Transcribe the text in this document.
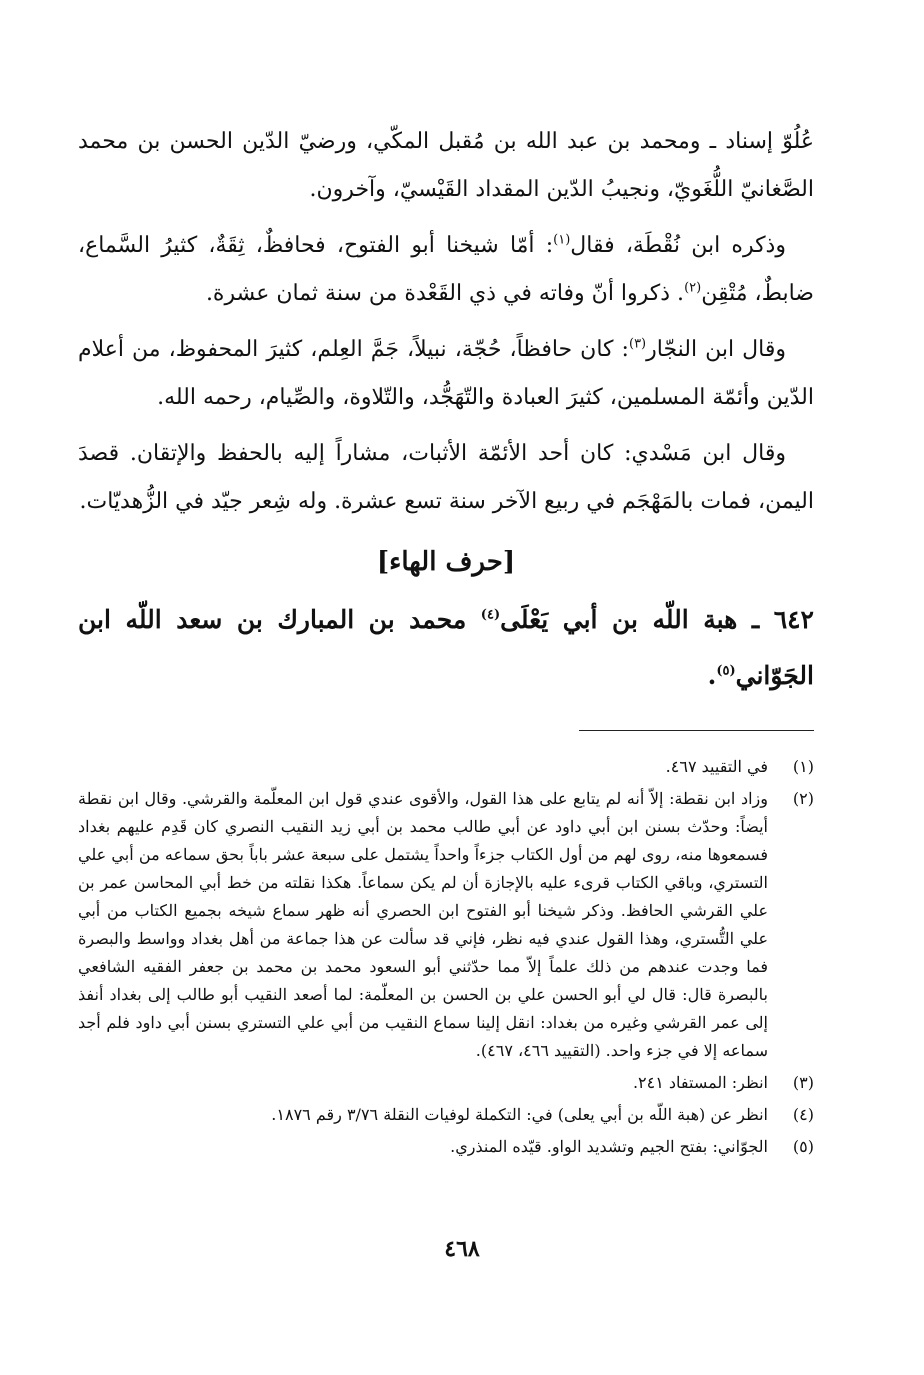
عُلُوّ إسناد ـ ومحمد بن عبد الله بن مُقبل المكّي، ورضيّ الدّين الحسن بن محمد الصَّغانيّ اللُّغَويّ، ونجيبُ الدّين المقداد القَيْسيّ، وآخرون.

وذكره ابن نُقْطَة، فقال$^{(١)}$: أمّا شيخنا أبو الفتوح، فحافظٌ، ثِقَةٌ، كثيرُ السَّماع، ضابطٌ، مُتْقِن$^{(٢)}$. ذكروا أنّ وفاته في ذي القَعْدة من سنة ثمان عشرة.

وقال ابن النجّار$^{(٣)}$: كان حافظاً، حُجّة، نبيلاً، جَمَّ العِلم، كثيرَ المحفوظ، من أعلام الدّين وأئمّة المسلمين، كثيرَ العبادة والتّهَجُّد، والتّلاوة، والصِّيام، رحمه الله.

وقال ابن مَسْدي: كان أحد الأئمّة الأثبات، مشاراً إليه بالحفظ والإتقان. قصدَ اليمن، فمات بالمَهْجَم في ربيع الآخر سنة تسع عشرة. وله شِعر جيّد في الزُّهديّات.

[حرف الهاء]

٦٤٢ ـ هبة اللّه بن أبي يَعْلَى$^{(٤)}$ محمد بن المبارك بن سعد اللّه ابن الجَوّاني$^{(٥)}$.

(١)
في التقييد ٤٦٧.
(٢)
وزاد ابن نقطة: إلاّ أنه لم يتابع على هذا القول، والأقوى عندي قول ابن المعلّمة والقرشي. وقال ابن نقطة أيضاً: وحدّث بسنن ابن أبي داود عن أبي طالب محمد بن أبي زيد النقيب النصري كان قَدِم عليهم بغداد فسمعوها منه، روى لهم من أول الكتاب جزءاً واحداً يشتمل على سبعة عشر باباً بحق سماعه من أبي علي التستري، وباقي الكتاب قرىء عليه بالإجازة أن لم يكن سماعاً. هكذا نقلته من خط أبي المحاسن عمر بن علي القرشي الحافظ. وذكر شيخنا أبو الفتوح ابن الحصري أنه ظهر سماع شيخه بجميع الكتاب من أبي علي التُّستري، وهذا القول عندي فيه نظر، فإني قد سألت عن هذا جماعة من أهل بغداد وواسط والبصرة فما وجدت عندهم من ذلك علماً إلاّ مما حدّثني أبو السعود محمد بن محمد بن جعفر الفقيه الشافعي بالبصرة قال: قال لي أبو الحسن علي بن الحسن بن المعلّمة: لما أصعد النقيب أبو طالب إلى بغداد أنفذ إلى عمر القرشي وغيره من بغداد: انقل إلينا سماع النقيب من أبي علي التستري بسنن أبي داود فلم أجد سماعه إلا في جزء واحد. (التقييد ٤٦٦، ٤٦٧).
(٣)
انظر: المستفاد ٢٤١.
(٤)
انظر عن (هبة اللّه بن أبي يعلى) في: التكملة لوفيات النقلة ٣/٧٦ رقم ١٨٧٦.
(٥)
الجوّاني: بفتح الجيم وتشديد الواو. قيّده المنذري.
٤٦٨
